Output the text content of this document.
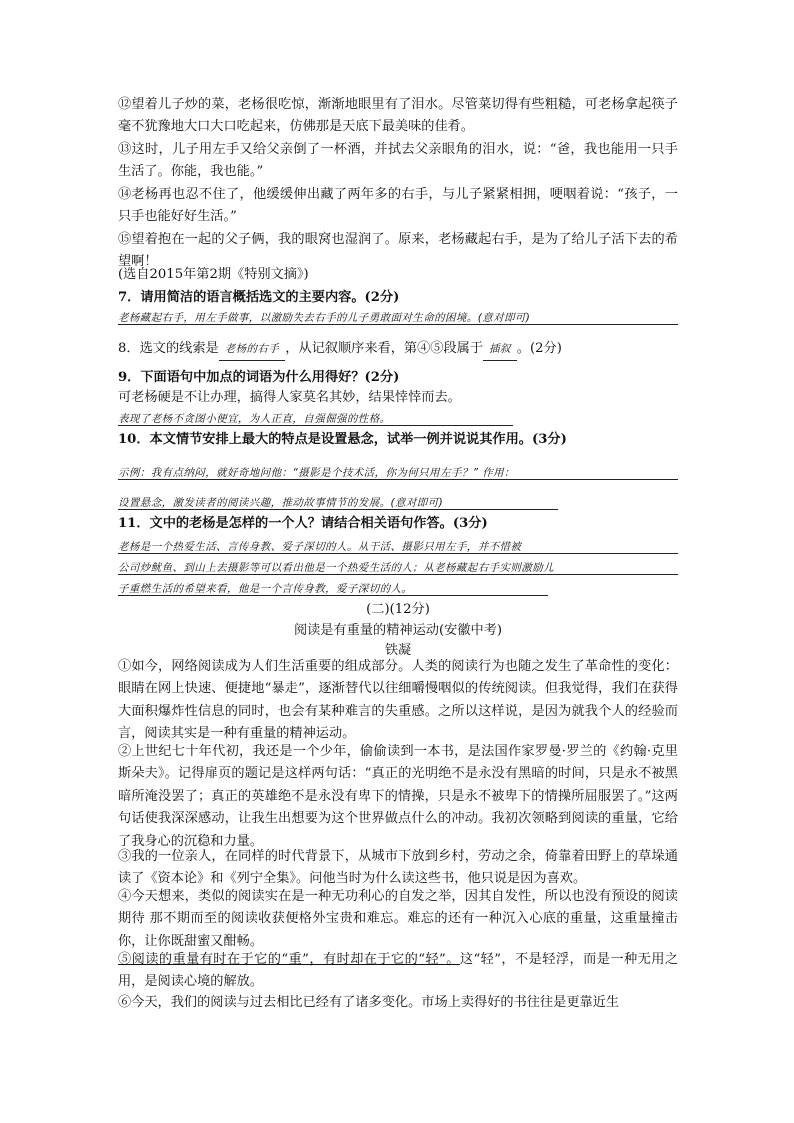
⑫望着儿子炒的菜，老杨很吃惊，渐渐地眼里有了泪水。尽管菜切得有些粗糙，可老杨拿起筷子毫不犹豫地大口大口吃起来，仿佛那是天底下最美味的佳肴。

⑬这时，儿子用左手又给父亲倒了一杯酒，并拭去父亲眼角的泪水，说：“爸，我也能用一只手生活了。你能，我也能。”

⑭老杨再也忍不住了，他缓缓伸出藏了两年多的右手，与儿子紧紧相拥，哽咽着说：“孩子，一只手也能好好生活。”

⑮望着抱在一起的父子俩，我的眼窝也湿润了。原来，老杨藏起右手，是为了给儿子活下去的希望啊！

(选自2015年第2期《特别文摘》)

7．请用简洁的语言概括选文的主要内容。(2分)

老杨藏起右手，用左手做事，以激励失去右手的儿子勇敢面对生命的困境。(意对即可)

8．选文的线索是 老杨的右手 ，从记叙顺序来看，第④⑤段属于 插叙 。(2分)

9．下面语句中加点的词语为什么用得好？(2分)

可老杨硬是不让办理，搞得人家莫名其妙，结果悻悻而去。

表现了老杨不贪图小便宜，为人正直，自强倔强的性格。

10．本文情节安排上最大的特点是设置悬念，试举一例并说说其作用。(3分)

示例：我有点纳闷，就好奇地问他：“摄影是个技术活，你为何只用左手？” 作用：
设置悬念，激发读者的阅读兴趣，推动故事情节的发展。(意对即可)

11．文中的老杨是怎样的一个人？请结合相关语句作答。(3分)

老杨是一个热爱生活、言传身教、爱子深切的人。从干活、摄影只用左手，并不惜被
公司炒鱿鱼、到山上去摄影等可以看出他是一个热爱生活的人；从老杨藏起右手实则激励儿
子重燃生活的希望来看，他是一个言传身教，爱子深切的人。

(二)(12分)

阅读是有重量的精神运动(安徽中考)

铁凝

①如今，网络阅读成为人们生活重要的组成部分。人类的阅读行为也随之发生了革命性的变化：眼睛在网上快速、便捷地“暴走”，逐渐替代以往细嚼慢咽似的传统阅读。但我觉得，我们在获得大面积爆炸性信息的同时，也会有某种难言的失重感。之所以这样说，是因为就我个人的经验而言，阅读其实是一种有重量的精神运动。

②上世纪七十年代初，我还是一个少年，偷偷读到一本书，是法国作家罗曼·罗兰的《约翰·克里斯朵夫》。记得扉页的题记是这样两句话：“真正的光明绝不是永没有黑暗的时间，只是永不被黑暗所淹没罢了；真正的英雄绝不是永没有卑下的情操，只是永不被卑下的情操所屈服罢了。”这两句话使我深深感动，让我生出想要为这个世界做点什么的冲动。我初次领略到阅读的重量，它给了我身心的沉稳和力量。

③我的一位亲人，在同样的时代背景下，从城市下放到乡村，劳动之余，倚靠着田野上的草垛通读了《资本论》和《列宁全集》。问他当时为什么读这些书，他只说是因为喜欢。

④今天想来，类似的阅读实在是一种无功利心的自发之举，因其自发性，所以也没有预设的阅读期待 那不期而至的阅读收获便格外宝贵和难忘。难忘的还有一种沉入心底的重量，这重量撞击你，让你既甜蜜又酣畅。

⑤阅读的重量有时在于它的“重”，有时却在于它的“轻”。这“轻”，不是轻浮，而是一种无用之用，是阅读心境的解放。

⑥今天，我们的阅读与过去相比已经有了诸多变化。市场上卖得好的书往往是更靠近生
